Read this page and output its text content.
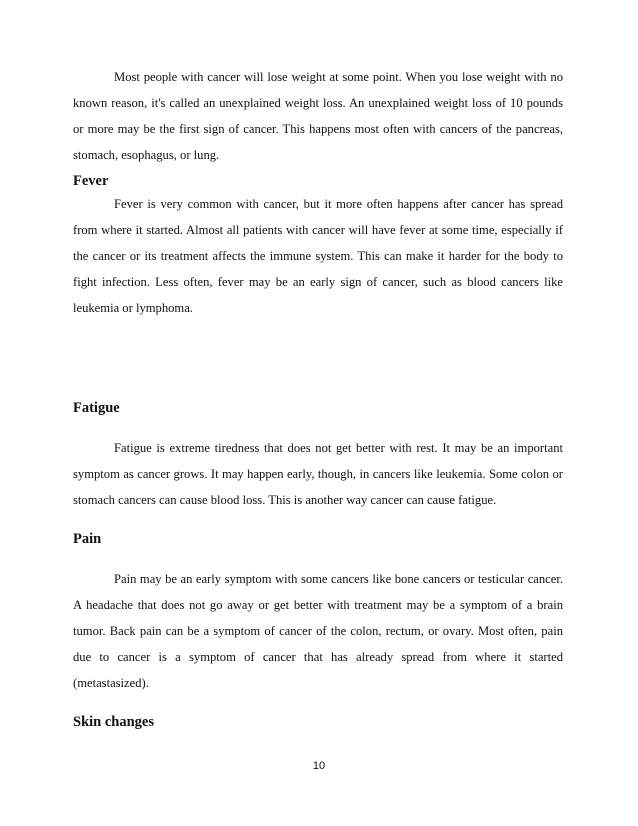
Most people with cancer will lose weight at some point. When you lose weight with no known reason, it's called an unexplained weight loss. An unexplained weight loss of 10 pounds or more may be the first sign of cancer. This happens most often with cancers of the pancreas, stomach, esophagus, or lung.

Fever

Fever is very common with cancer, but it more often happens after cancer has spread from where it started. Almost all patients with cancer will have fever at some time, especially if the cancer or its treatment affects the immune system. This can make it harder for the body to fight infection. Less often, fever may be an early sign of cancer, such as blood cancers like leukemia or lymphoma.

Fatigue

Fatigue is extreme tiredness that does not get better with rest. It may be an important symptom as cancer grows. It may happen early, though, in cancers like leukemia. Some colon or stomach cancers can cause blood loss. This is another way cancer can cause fatigue.

Pain

Pain may be an early symptom with some cancers like bone cancers or testicular cancer. A headache that does not go away or get better with treatment may be a symptom of a brain tumor. Back pain can be a symptom of cancer of the colon, rectum, or ovary. Most often, pain due to cancer is a symptom of cancer that has already spread from where it started (metastasized).

Skin changes
10
